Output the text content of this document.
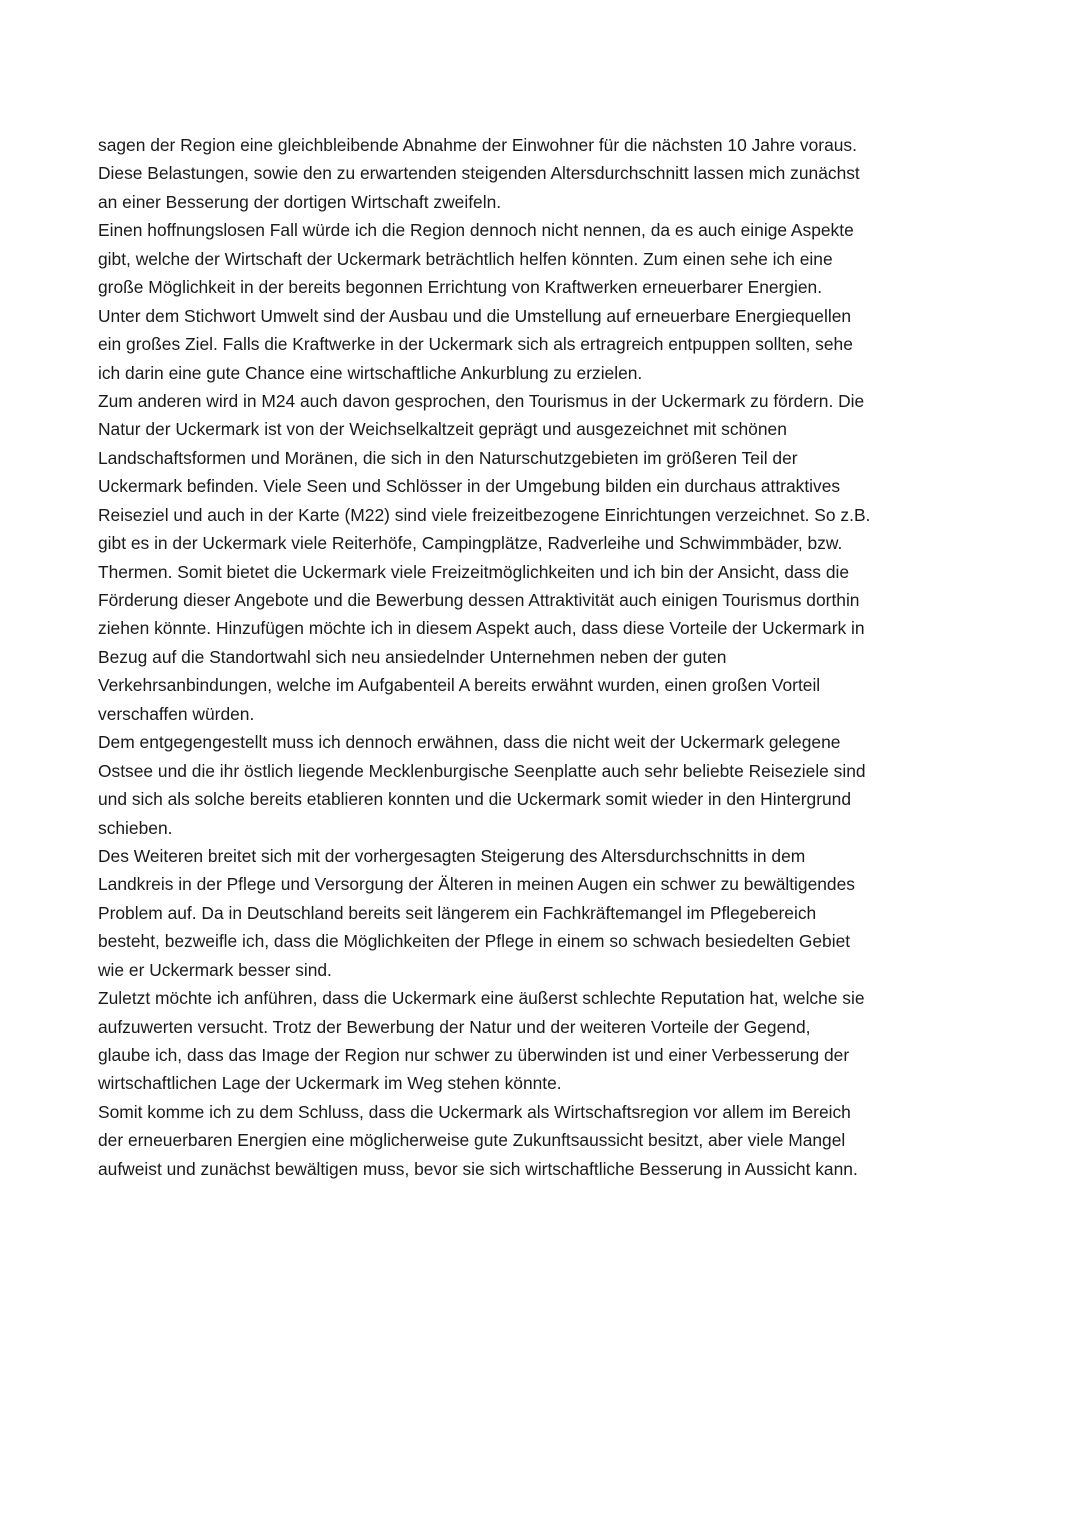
sagen der Region eine gleichbleibende Abnahme der Einwohner für die nächsten 10 Jahre voraus.
Diese Belastungen, sowie den zu erwartenden steigenden Altersdurchschnitt lassen mich zunächst
an einer Besserung der dortigen Wirtschaft zweifeln.
Einen hoffnungslosen Fall würde ich die Region dennoch nicht nennen, da es auch einige Aspekte
gibt, welche der Wirtschaft der Uckermark beträchtlich helfen könnten. Zum einen sehe ich eine
große Möglichkeit in der bereits begonnen Errichtung von Kraftwerken erneuerbarer Energien.
Unter dem Stichwort Umwelt sind der Ausbau und die Umstellung auf erneuerbare Energiequellen
ein großes Ziel. Falls die Kraftwerke in der Uckermark sich als ertragreich entpuppen sollten, sehe
ich darin eine gute Chance eine wirtschaftliche Ankurblung zu erzielen.
Zum anderen wird in M24 auch davon gesprochen, den Tourismus in der Uckermark zu fördern. Die
Natur der Uckermark ist von der Weichselkaltzeit geprägt und ausgezeichnet mit schönen
Landschaftsformen und Moränen, die sich in den Naturschutzgebieten im größeren Teil der
Uckermark befinden. Viele Seen und Schlösser in der Umgebung bilden ein durchaus attraktives
Reiseziel und auch in der Karte (M22) sind viele freizeitbezogene Einrichtungen verzeichnet. So z.B.
gibt es in der Uckermark viele Reiterhöfe, Campingplätze, Radverleihe und Schwimmbäder, bzw.
Thermen. Somit bietet die Uckermark viele Freizeitmöglichkeiten und ich bin der Ansicht, dass die
Förderung dieser Angebote und die Bewerbung dessen Attraktivität auch einigen Tourismus dorthin
ziehen könnte. Hinzufügen möchte ich in diesem Aspekt auch, dass diese Vorteile der Uckermark in
Bezug auf die Standortwahl sich neu ansiedelnder Unternehmen neben der guten
Verkehrsanbindungen, welche im Aufgabenteil A bereits erwähnt wurden, einen großen Vorteil
verschaffen würden.
Dem entgegengestellt muss ich dennoch erwähnen, dass die nicht weit der Uckermark gelegene
Ostsee und die ihr östlich liegende Mecklenburgische Seenplatte auch sehr beliebte Reiseziele sind
und sich als solche bereits etablieren konnten und die Uckermark somit wieder in den Hintergrund
schieben.
Des Weiteren breitet sich mit der vorhergesagten Steigerung des Altersdurchschnitts in dem
Landkreis in der Pflege und Versorgung der Älteren in meinen Augen ein schwer zu bewältigendes
Problem auf. Da in Deutschland bereits seit längerem ein Fachkräftemangel im Pflegebereich
besteht, bezweifle ich, dass die Möglichkeiten der Pflege in einem so schwach besiedelten Gebiet
wie er Uckermark besser sind.
Zuletzt möchte ich anführen, dass die Uckermark eine äußerst schlechte Reputation hat, welche sie
aufzuwerten versucht. Trotz der Bewerbung der Natur und der weiteren Vorteile der Gegend,
glaube ich, dass das Image der Region nur schwer zu überwinden ist und einer Verbesserung der
wirtschaftlichen Lage der Uckermark im Weg stehen könnte.
Somit komme ich zu dem Schluss, dass die Uckermark als Wirtschaftsregion vor allem im Bereich
der erneuerbaren Energien eine möglicherweise gute Zukunftsaussicht besitzt, aber viele Mangel
aufweist und zunächst bewältigen muss, bevor sie sich wirtschaftliche Besserung in Aussicht kann.
